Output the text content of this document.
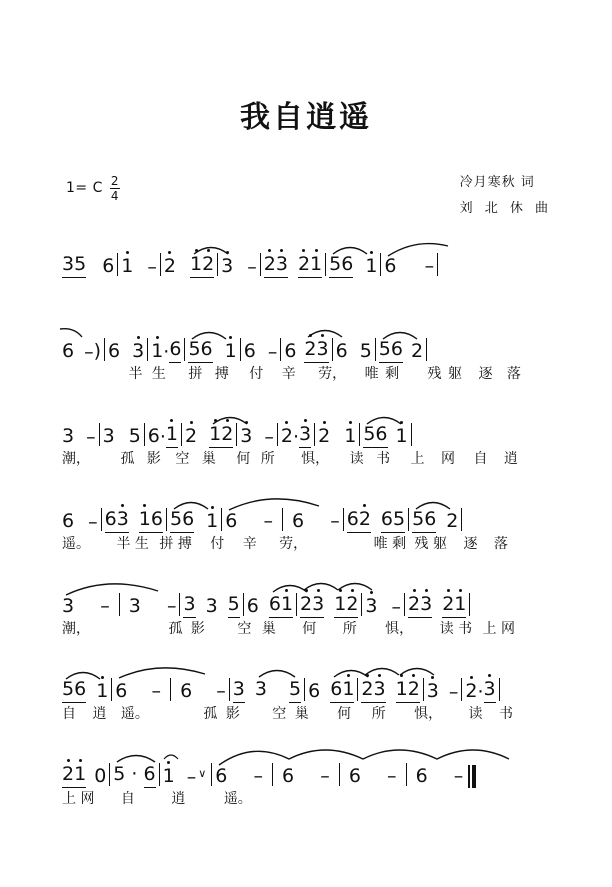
我自逍遥
1= C $\frac{2}{4}$	冷月寒秋 词
刘 北 休 曲
35 6 1 – 2 12 3 – 23 21 56 1 6 –
6 – ) 6 3 1 · 6 56 1 6 – 6 23 6 5 56 2
半 生 拼 搏 付 辛 劳， 唯 剩 残 躯 逐 落
3 – 3 5 6 · 1 2 12 3 – 2 · 3 2 1 56 1
潮， 孤 影 空 巢 何 所 惧， 读 书 上 网 自 逍
6 – 63 16 56 1 6 – 6 – 62 65 56 2
遥。 半 生 拼 搏 付 辛 劳，	唯 剩 残 躯 逐 落
3 – 3 – 3 3 5 6 61 23 12 3 – 23 21
潮，	孤 影 空 巢 何 所 惧， 读 书 上 网
56 1 6 – 6 – 3 3 5 6 61 23 12 3 – 2 · 3
自 逍 遥。	孤 影 空 巢 何 所 惧， 读 书
21 0 5 · 6 1 – ∨ 6 – 6 – 6 – 6 –
上 网 自	逍	遥。
